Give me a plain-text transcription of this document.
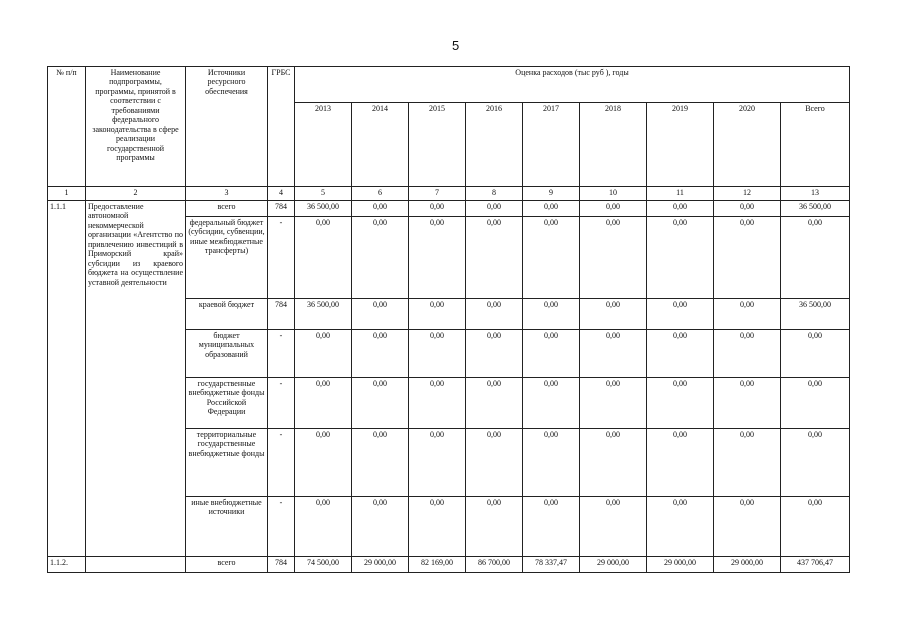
5
№ п/п	Наименование подпрограммы, программы, принятой в соответствии с требованиями федерального законодательства в сфере реализации государственной программы	Источники ресурсного обеспечения	ГРБС	Оценка расходов (тыс руб ), годы								
				2013	2014	2015	2016	2017	2018	2019	2020	Всего
1	2	3	4	5	6	7	8	9	10	11	12	13
1.1.1	Предоставление автономной некоммерческой организации «Агентство по привлечению инвестиций в Приморский край» субсидии из краевого бюджета на осуществление уставной деятельности	всего	784	36 500,00	0,00	0,00	0,00	0,00	0,00	0,00	0,00	36 500,00
		федеральный бюджет (субсидии, субвенции, иные межбюджетные трансферты)	-	0,00	0,00	0,00	0,00	0,00	0,00	0,00	0,00	0,00
		краевой бюджет	784	36 500,00	0,00	0,00	0,00	0,00	0,00	0,00	0,00	36 500,00
		бюджет муниципальных образований	-	0,00	0,00	0,00	0,00	0,00	0,00	0,00	0,00	0,00
		государственные внебюджетные фонды Российской Федерации	-	0,00	0,00	0,00	0,00	0,00	0,00	0,00	0,00	0,00
		территориальные государственные внебюджетные фонды	-	0,00	0,00	0,00	0,00	0,00	0,00	0,00	0,00	0,00
		иные внебюджетные источники	-	0,00	0,00	0,00	0,00	0,00	0,00	0,00	0,00	0,00
1.1.2.		всего	784	74 500,00	29 000,00	82 169,00	86 700,00	78 337,47	29 000,00	29 000,00	29 000,00	437 706,47
